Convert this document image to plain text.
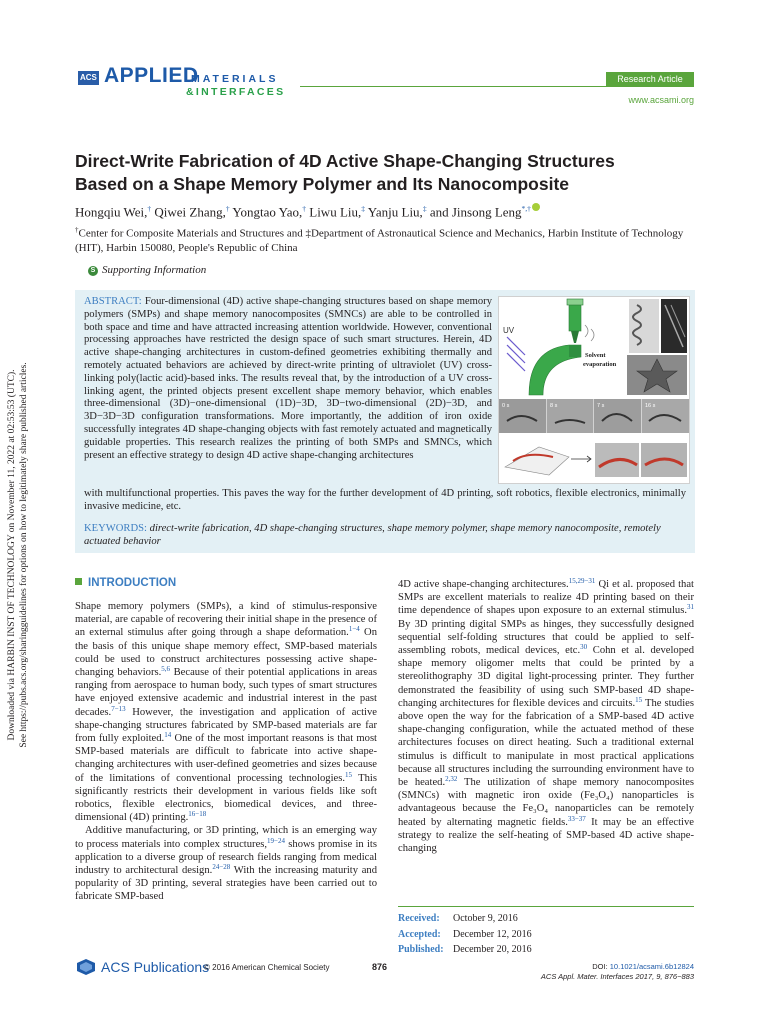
ACS APPLIED
MATERIALS
&INTERFACES
Research Article
www.acsami.org
Downloaded via HARBIN INST OF TECHNOLOGY on November 11, 2022 at 02:53:53 (UTC). See https://pubs.acs.org/sharingguidelines for options on how to legitimately share published articles.
Direct-Write Fabrication of 4D Active Shape-Changing Structures
Based on a Shape Memory Polymer and Its Nanocomposite
Hongqiu Wei,† Qiwei Zhang,† Yongtao Yao,† Liwu Liu,‡ Yanju Liu,‡ and Jinsong Leng*,†
†Center for Composite Materials and Structures and ‡Department of Astronautical Science and Mechanics, Harbin Institute of Technology (HIT), Harbin 150080, People's Republic of China
S Supporting Information
ABSTRACT: Four-dimensional (4D) active shape-changing structures based on shape memory polymers (SMPs) and shape memory nanocomposites (SMNCs) are able to be controlled in both space and time and have attracted increasing attention worldwide. However, conventional processing approaches have restricted the design space of such smart structures. Herein, 4D active shape-changing architectures in custom-defined geometries exhibiting thermally and remotely actuated behaviors are achieved by direct-write printing of ultraviolet (UV) cross-linking poly(lactic acid)-based inks. The results reveal that, by the introduction of a UV cross-linking agent, the printed objects present excellent shape memory behavior, which enables three-dimensional (3D)−one-dimensional (1D)−3D, 3D−two-dimensional (2D)−3D, and 3D−3D−3D configuration transformations. More importantly, the addition of iron oxide successfully integrates 4D shape-changing objects with fast remotely actuated and magnetically guidable properties. This research realizes the printing of both SMPs and SMNCs, which present an effective strategy to design 4D active shape-changing architectures
with multifunctional properties. This paves the way for the further development of 4D printing, soft robotics, flexible electronics, minimally invasive medicine, etc.
KEYWORDS: direct-write fabrication, 4D shape-changing structures, shape memory polymer, shape memory nanocomposite, remotely actuated behavior
UV
Solvent
evaporation
0 s	8 s	7 s	16 s
INTRODUCTION

Shape memory polymers (SMPs), a kind of stimulus-responsive material, are capable of recovering their initial shape in the presence of an external stimulus after going through a shape deformation.$^{1-4}$ On the basis of this unique shape memory effect, SMP-based materials could be used to construct architectures possessing active shape-changing behaviors.$^{5,6}$ Because of their potential applications in areas ranging from aerospace to human body, such types of smart structures have enjoyed extensive academic and industrial interest in the past decades.$^{7-13}$ However, the investigation and application of active shape-changing structures fabricated by SMP-based materials are far from fully exploited.$^{14}$ One of the most important reasons is that most SMP-based materials are difficult to fabricate into active shape-changing architectures with user-defined geometries and sizes because of the limitations of conventional processing technologies.$^{15}$ This significantly restricts their development in various fields like soft robotics, flexible electronics, biomedical devices, and three-dimensional (4D) printing.$^{16-18}$

Additive manufacturing, or 3D printing, which is an emerging way to process materials into complex structures,$^{19-24}$ shows promise in its application to a diverse group of research fields ranging from medical industry to architectural design.$^{24-28}$ With the increasing maturity and popularity of 3D printing, several strategies have been carried out to fabricate SMP-based

4D active shape-changing architectures.$^{15,29-31}$ Qi et al. proposed that SMPs are excellent materials to realize 4D printing based on their time dependence of shapes upon exposure to an external stimulus.$^{31}$ By 3D printing digital SMPs as hinges, they successfully designed sequential self-folding structures that could be applied to self-assembling robots, medical devices, etc.$^{30}$ Cohn et al. developed shape memory oligomer melts that could be printed by a stereolithography 3D digital light-processing printer. They further demonstrated the feasibility of using such SMP-based 4D shape-changing architectures for flexible devices and circuits.$^{15}$ The studies above open the way for the fabrication of a SMP-based 4D active shape-changing configuration, while the actuated method of these architectures focuses on direct heating. Such a traditional external stimulus is difficult to manipulate in most practical applications because all structures including the surrounding environment have to be heated.$^{2,32}$ The utilization of shape memory nanocomposites (SMNCs) with magnetic iron oxide (Fe₃O₄) nanoparticles is advantageous because the Fe₃O₄ nanoparticles can be remotely heated by alternating magnetic fields.$^{33-37}$ It may be an effective strategy to realize the self-heating of SMP-based 4D active shape-changing

Received: October 9, 2016
Accepted: December 12, 2016
Published: December 20, 2016
ACS Publications
© 2016 American Chemical Society	876	DOI: 10.1021/acsami.6b12824
ACS Appl. Mater. Interfaces 2017, 9, 876−883
